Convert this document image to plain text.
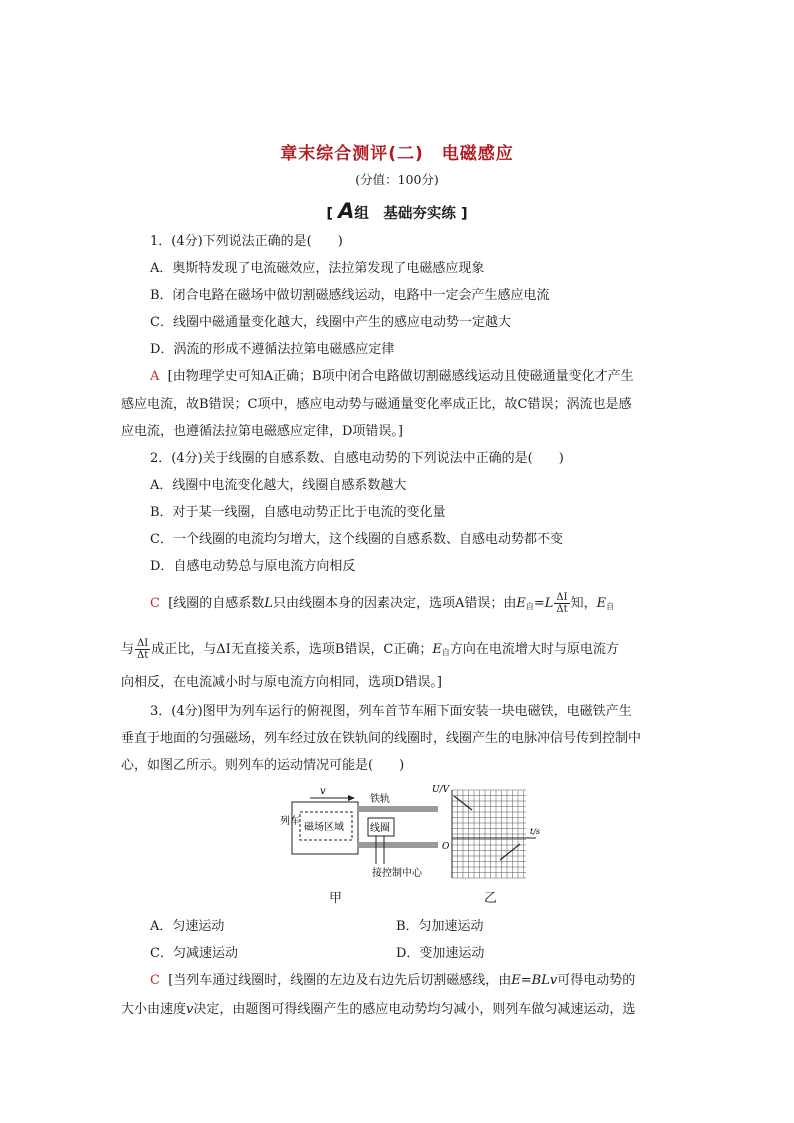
章末综合测评(二)　电磁感应
(分值：100分)
[ A组　基础夯实练 ]
1．(4分)下列说法正确的是(　　)
A．奥斯特发现了电流磁效应，法拉第发现了电磁感应现象
B．闭合电路在磁场中做切割磁感线运动，电路中一定会产生感应电流
C．线圈中磁通量变化越大，线圈中产生的感应电动势一定越大
D．涡流的形成不遵循法拉第电磁感应定律
A [由物理学史可知A正确；B项中闭合电路做切割磁感线运动且使磁通量变化才产生
感应电流，故B错误；C项中，感应电动势与磁通量变化率成正比，故C错误；涡流也是感
应电流，也遵循法拉第电磁感应定律，D项错误。]
2．(4分)关于线圈的自感系数、自感电动势的下列说法中正确的是(　　)
A．线圈中电流变化越大，线圈自感系数越大
B．对于某一线圈，自感电动势正比于电流的变化量
C．一个线圈的电流均匀增大，这个线圈的自感系数、自感电动势都不变
D．自感电动势总与原电流方向相反
C [线圈的自感系数L只由线圈本身的因素决定，选项A错误；由$E_自=L \frac{\Delta I}{\Delta t}$ 知，$E_自$
与 $\frac{\Delta I}{\Delta t}$ 成正比，与ΔI无直接关系，选项B错误，C正确；$E_自$方向在电流增大时与原电流方
向相反，在电流减小时与原电流方向相同，选项D错误。]
3．(4分)图甲为列车运行的俯视图，列车首节车厢下面安装一块电磁铁，电磁铁产生
垂直于地面的匀强磁场，列车经过放在铁轨间的线圈时，线圈产生的电脉冲信号传到控制中
心，如图乙所示。则列车的运动情况可能是(　　)
v
磁场区域
列车
铁轨
线圈
接控制中心
甲
U/V
O
t/s
乙
A．匀速运动	B．匀加速运动
C．匀减速运动	D．变加速运动
C [当列车通过线圈时，线圈的左边及右边先后切割磁感线，由E=BLv可得电动势的
大小由速度v决定，由题图可得线圈产生的感应电动势均匀减小，则列车做匀减速运动，选
